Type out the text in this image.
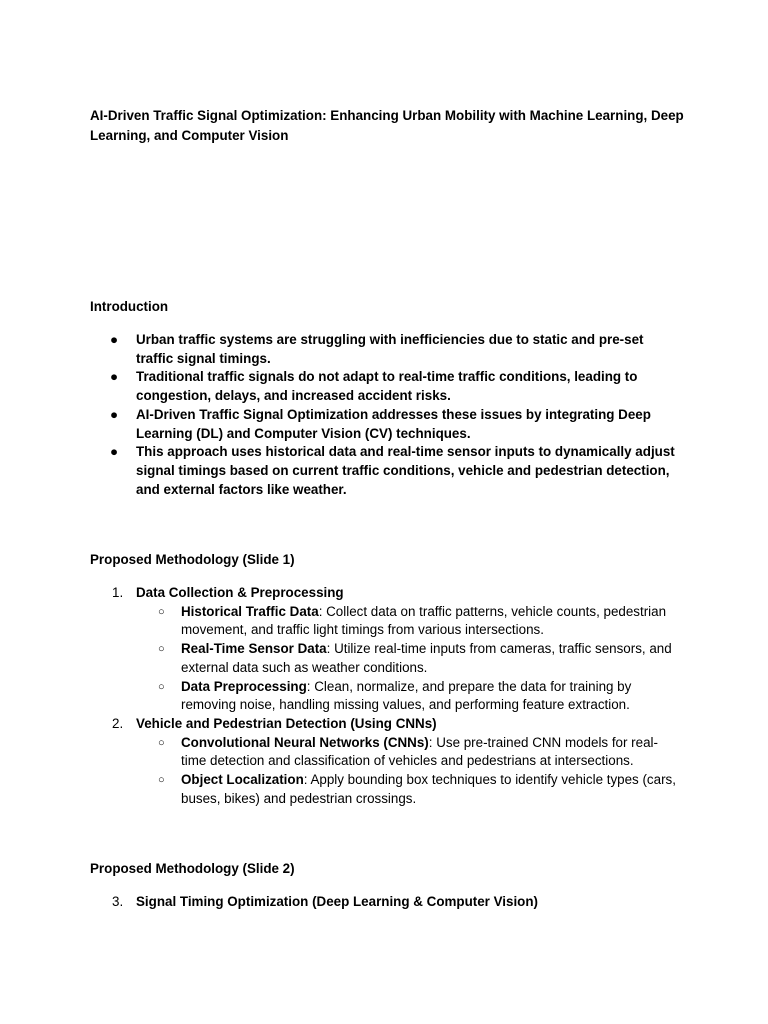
AI-Driven Traffic Signal Optimization: Enhancing Urban Mobility with Machine Learning, Deep Learning, and Computer Vision
Introduction
● Urban traffic systems are struggling with inefficiencies due to static and pre-set traffic signal timings.
● Traditional traffic signals do not adapt to real-time traffic conditions, leading to congestion, delays, and increased accident risks.
● AI-Driven Traffic Signal Optimization addresses these issues by integrating Deep Learning (DL) and Computer Vision (CV) techniques.
● This approach uses historical data and real-time sensor inputs to dynamically adjust signal timings based on current traffic conditions, vehicle and pedestrian detection, and external factors like weather.
Proposed Methodology (Slide 1)
1. Data Collection & Preprocessing
○ Historical Traffic Data: Collect data on traffic patterns, vehicle counts, pedestrian movement, and traffic light timings from various intersections.
○ Real-Time Sensor Data: Utilize real-time inputs from cameras, traffic sensors, and external data such as weather conditions.
○ Data Preprocessing: Clean, normalize, and prepare the data for training by removing noise, handling missing values, and performing feature extraction.
2. Vehicle and Pedestrian Detection (Using CNNs)
○ Convolutional Neural Networks (CNNs): Use pre-trained CNN models for real-time detection and classification of vehicles and pedestrians at intersections.
○ Object Localization: Apply bounding box techniques to identify vehicle types (cars, buses, bikes) and pedestrian crossings.
Proposed Methodology (Slide 2)
3. Signal Timing Optimization (Deep Learning & Computer Vision)
